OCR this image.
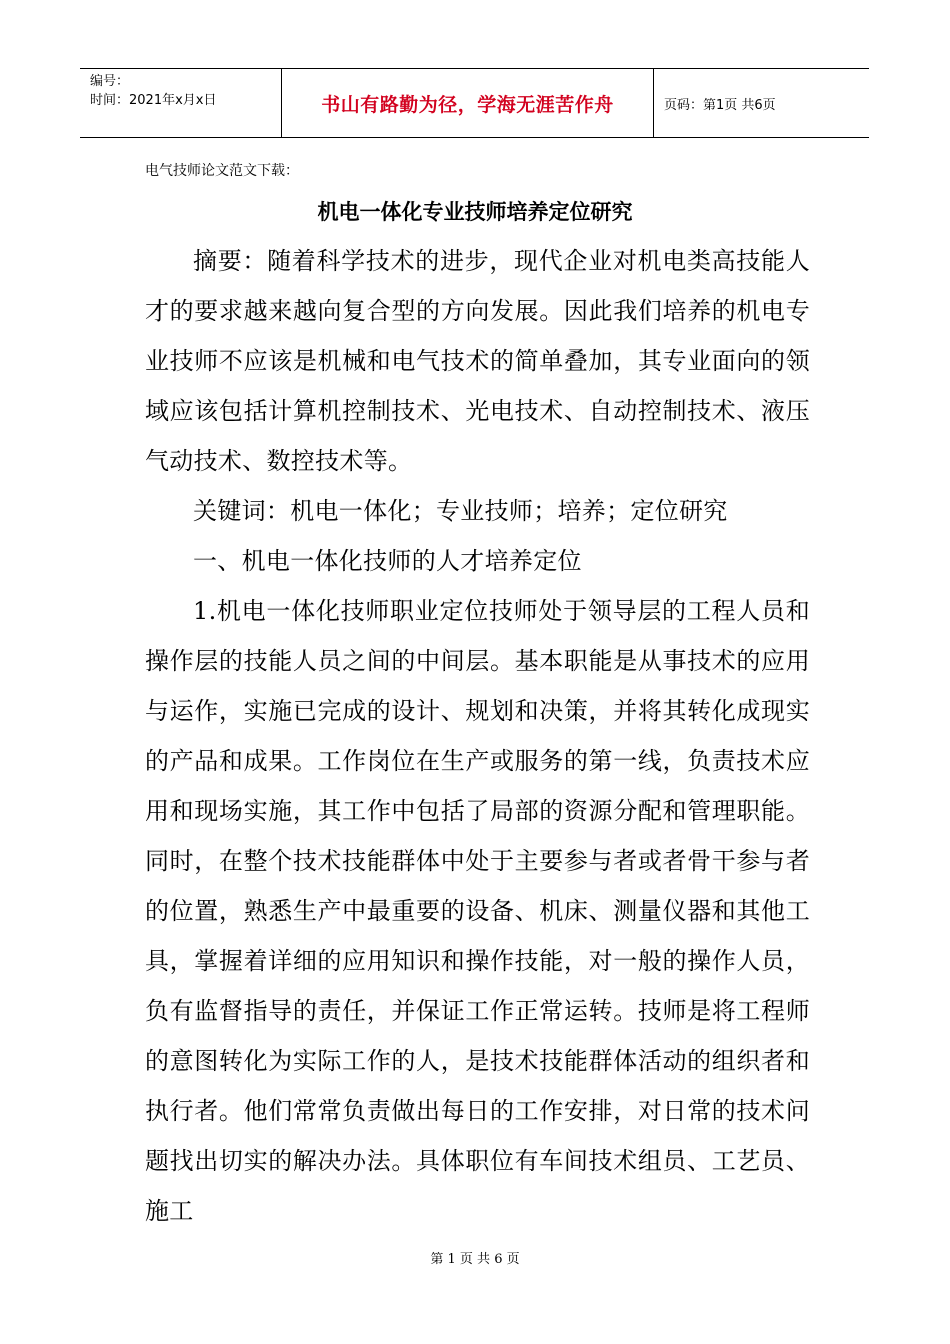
编号：
时间：2021年x月x日	书山有路勤为径，学海无涯苦作舟	页码：第1页 共6页
电气技师论文范文下载：
机电一体化专业技师培养定位研究

摘要：随着科学技术的进步，现代企业对机电类高技能人才的要求越来越向复合型的方向发展。因此我们培养的机电专业技师不应该是机械和电气技术的简单叠加，其专业面向的领域应该包括计算机控制技术、光电技术、自动控制技术、液压气动技术、数控技术等。

关键词：机电一体化；专业技师；培养；定位研究

一、机电一体化技师的人才培养定位

1.机电一体化技师职业定位技师处于领导层的工程人员和操作层的技能人员之间的中间层。基本职能是从事技术的应用与运作，实施已完成的设计、规划和决策，并将其转化成现实的产品和成果。工作岗位在生产或服务的第一线，负责技术应用和现场实施，其工作中包括了局部的资源分配和管理职能。同时，在整个技术技能群体中处于主要参与者或者骨干参与者的位置，熟悉生产中最重要的设备、机床、测量仪器和其他工具，掌握着详细的应用知识和操作技能，对一般的操作人员，负有监督指导的责任，并保证工作正常运转。技师是将工程师的意图转化为实际工作的人，是技术技能群体活动的组织者和执行者。他们常常负责做出每日的工作安排，对日常的技术问题找出切实的解决办法。具体职位有车间技术组员、工艺员、施工

第 1 页 共 6 页
